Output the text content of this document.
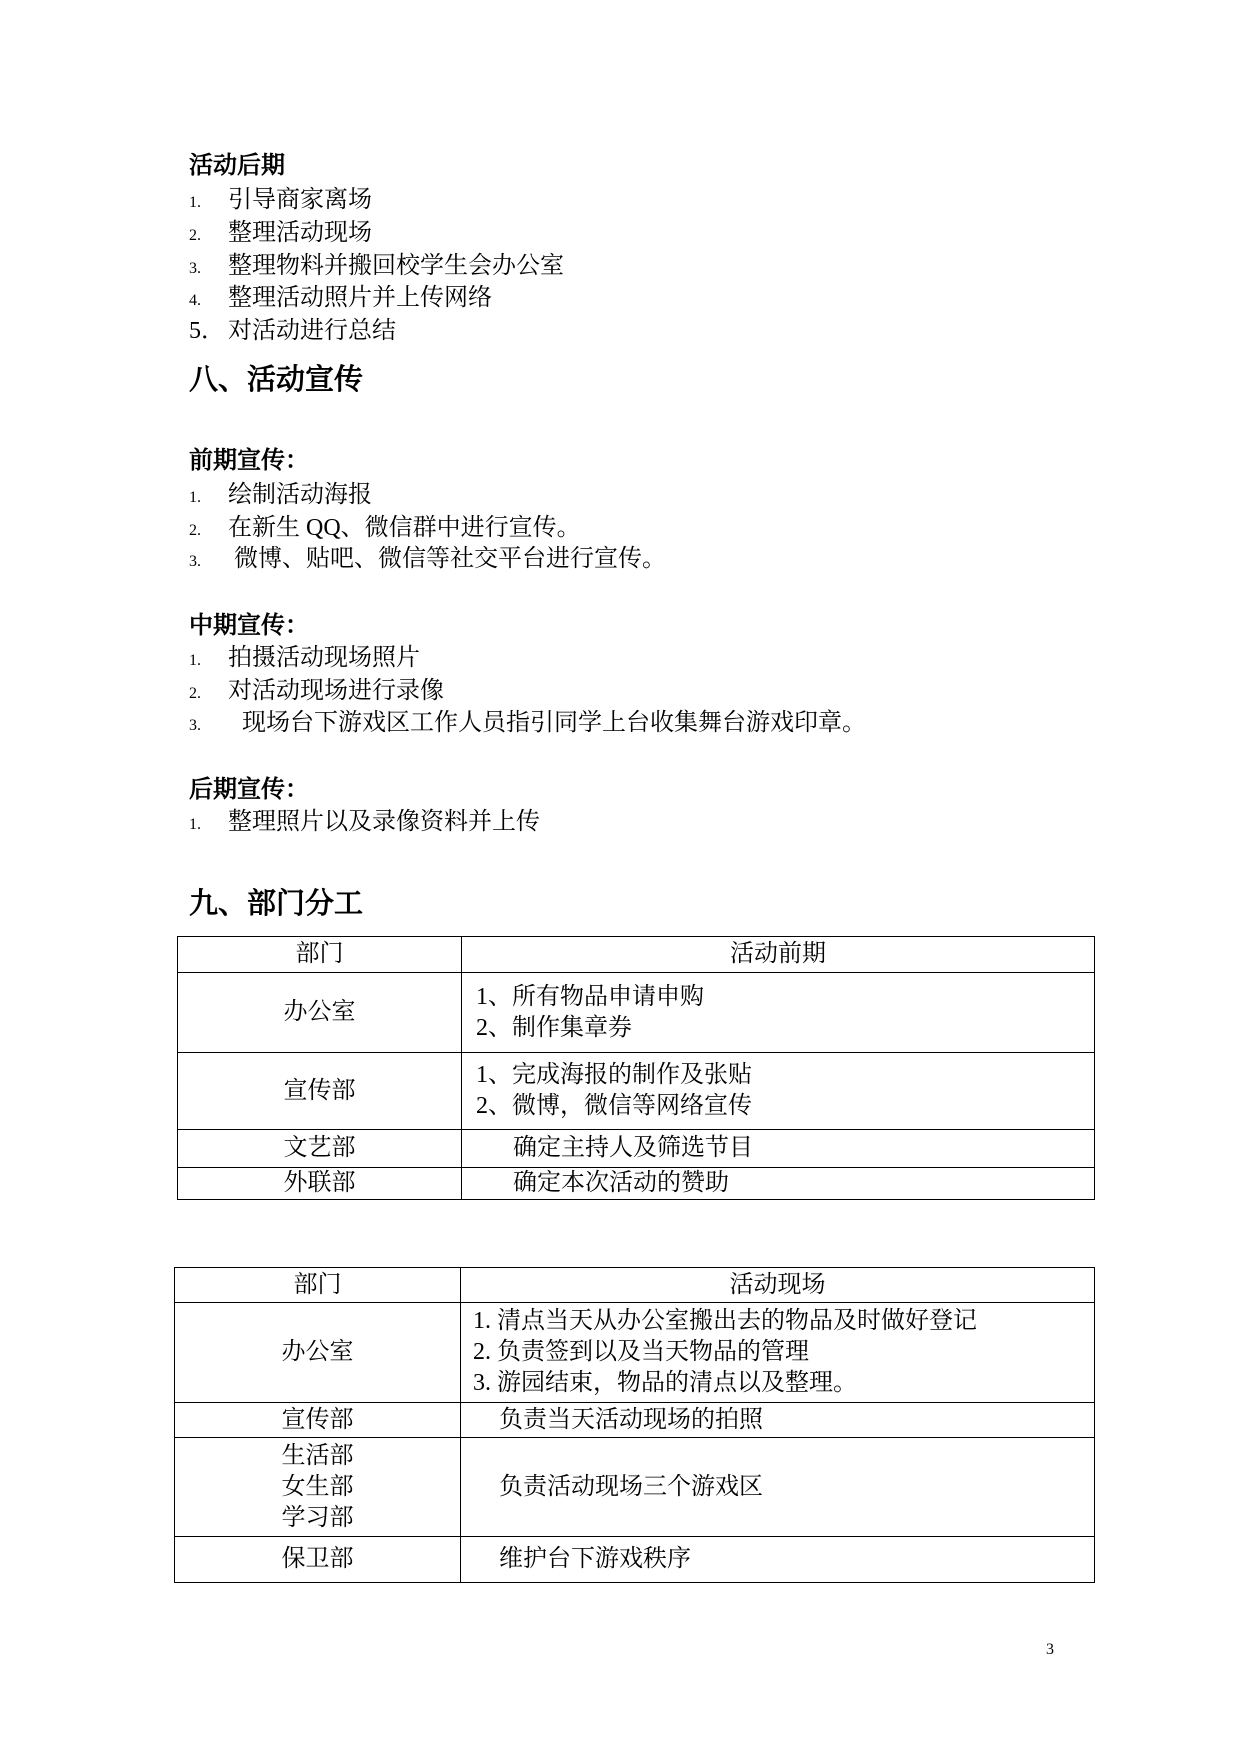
活动后期
1. 引导商家离场
2. 整理活动现场
3. 整理物料并搬回校学生会办公室
4. 整理活动照片并上传网络
5． 对活动进行总结
八、活动宣传
前期宣传：
1. 绘制活动海报
2. 在新生 QQ、微信群中进行宣传。
3. 微博、贴吧、微信等社交平台进行宣传。
中期宣传：
1. 拍摄活动现场照片
2. 对活动现场进行录像
3. 现场台下游戏区工作人员指引同学上台收集舞台游戏印章。
后期宣传：
1. 整理照片以及录像资料并上传
九、部门分工
部门	活动前期

办公室	1、所有物品申请申购
2、制作集章券

宣传部	1、完成海报的制作及张贴
2、微博，微信等网络宣传

文艺部	确定主持人及筛选节目

外联部	确定本次活动的赞助
部门	活动现场

办公室	1. 清点当天从办公室搬出去的物品及时做好登记
2. 负责签到以及当天物品的管理
3. 游园结束，物品的清点以及整理。

宣传部	负责当天活动现场的拍照

生活部
女生部
学习部	负责活动现场三个游戏区

保卫部	维护台下游戏秩序
3
